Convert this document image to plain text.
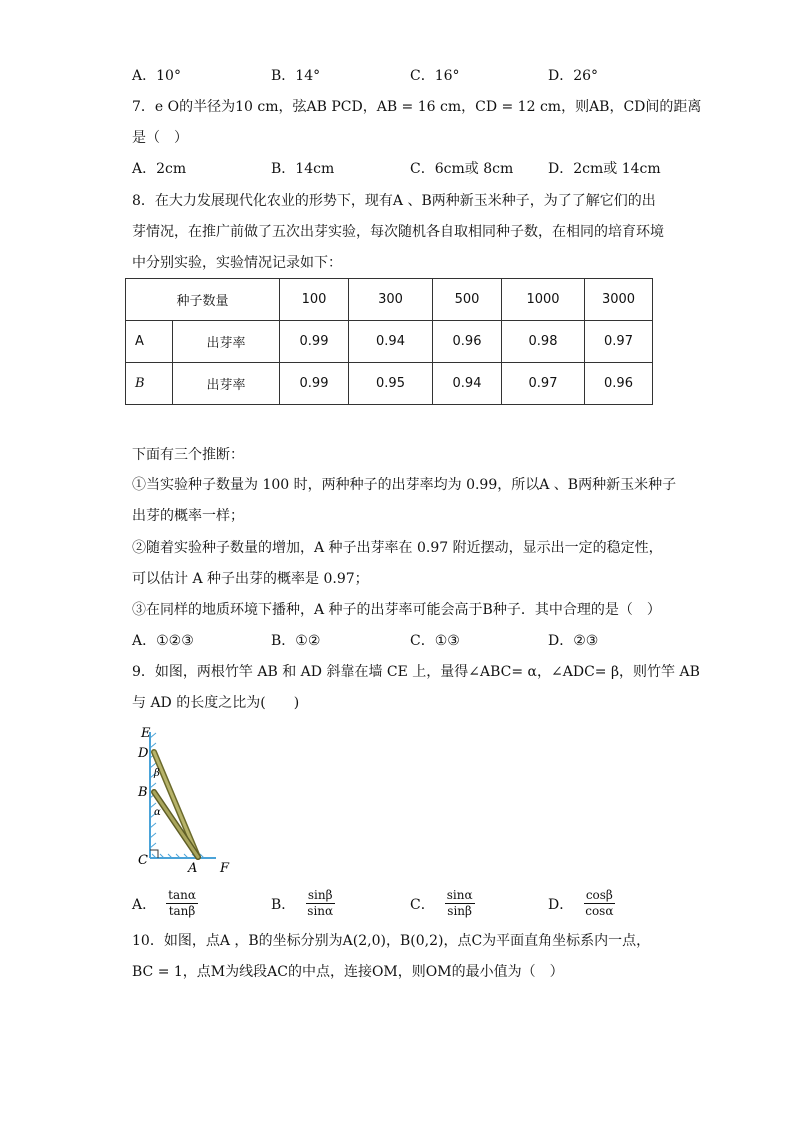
A．10°	B．14°	C．16°	D．26°
7．e O的半径为10 cm，弦AB PCD，AB = 16 cm，CD = 12 cm，则AB，CD间的距离
是（　）
A．2cm	B．14cm	C．6cm或 8cm D．2cm或 14cm
8．在大力发展现代化农业的形势下，现有A 、B两种新玉米种子，为了了解它们的出
芽情况，在推广前做了五次出芽实验，每次随机各自取相同种子数，在相同的培育环境
中分别实验，实验情况记录如下：
种子数量		100	300	500	1000	3000
A	出芽率	0.99	0.94	0.96	0.98	0.97
B	出芽率	0.99	0.95	0.94	0.97	0.96
下面有三个推断：
①当实验种子数量为 100 时，两种种子的出芽率均为 0.99，所以A 、B两种新玉米种子
出芽的概率一样；
②随着实验种子数量的增加，A 种子出芽率在 0.97 附近摆动，显示出一定的稳定性，
可以估计 A 种子出芽的概率是 0.97；
③在同样的地质环境下播种，A 种子的出芽率可能会高于B种子．其中合理的是（　）
A．①②③	B．①②	C．①③	D．②③
9．如图，两根竹竿 AB 和 AD 斜靠在墙 CE 上，量得∠ABC= α，∠ADC= β，则竹竿 AB
与 AD 的长度之比为(　　)
E
D
B
C
A F
β
α
A． $\frac{\tan\alpha}{\tan\beta}$	B． $\frac{\sin\beta}{\sin\alpha}$	C． $\frac{\sin\alpha}{\sin\beta}$	D． $\frac{\cos\beta}{\cos\alpha}$
10．如图，点A ，B的坐标分别为A(2,0)，B(0,2)，点C为平面直角坐标系内一点，
BC = 1，点M为线段AC的中点，连接OM，则OM的最小值为（　）
